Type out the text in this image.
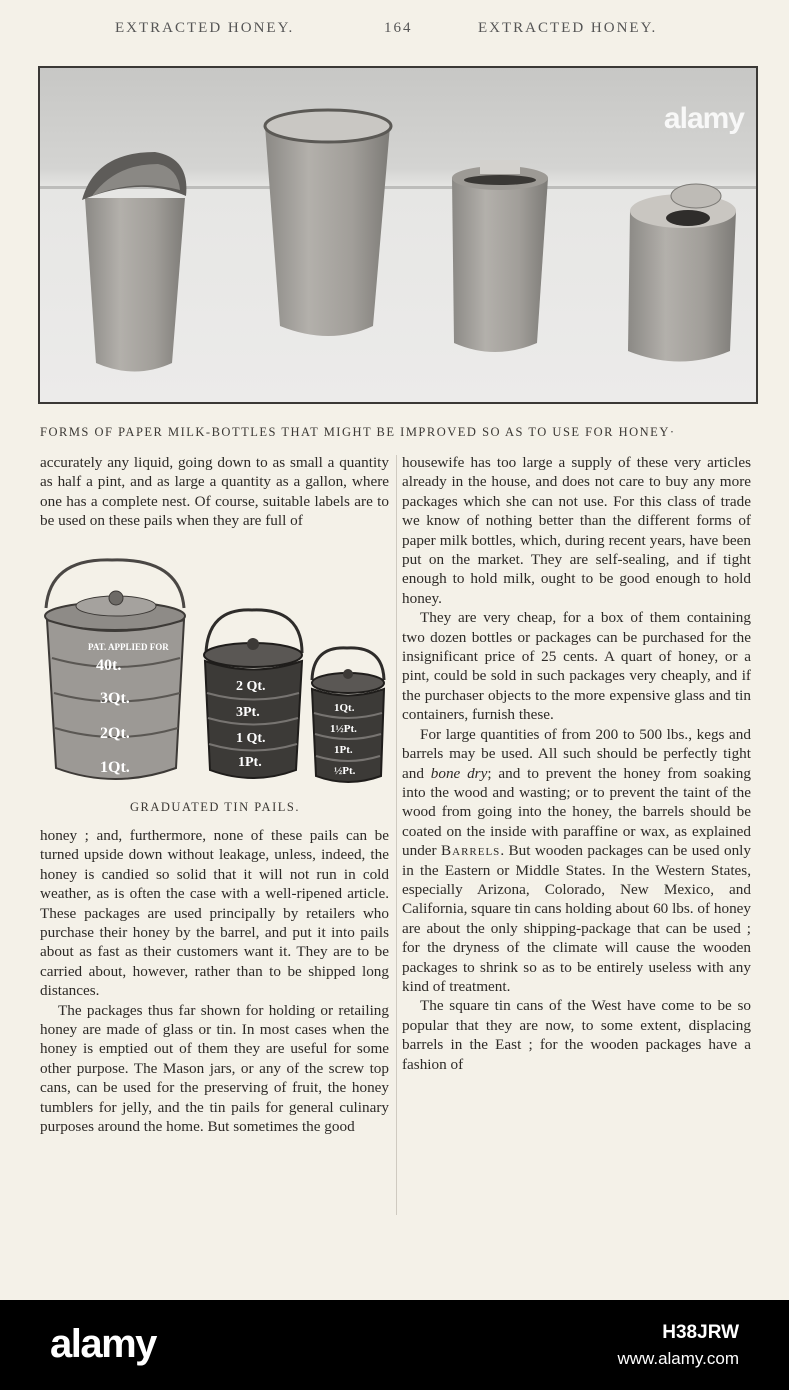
EXTRACTED HONEY.	164	EXTRACTED HONEY.
alamy
FORMS OF PAPER MILK-BOTTLES THAT MIGHT BE IMPROVED SO AS TO USE FOR HONEY·

accurately any liquid, going down to as small a quantity as half a pint, and as large a quantity as a gallon, where one has a complete nest. Of course, suitable labels are to be used on these pails when they are full of

PAT. APPLIED FOR
40t.
3Qt.
2Qt.
1Qt.
2 Qt.
3Pt.
1 Qt.
1Pt.
1Qt.
1½Pt.
1Pt.
½Pt.
GRADUATED TIN PAILS.

honey ; and, furthermore, none of these pails can be turned upside down without leakage, unless, indeed, the honey is candied so solid that it will not run in cold weather, as is often the case with a well-ripened article. These packages are used principally by retailers who purchase their honey by the barrel, and put it into pails about as fast as their customers want it. They are to be carried about, however, rather than to be shipped long distances.

The packages thus far shown for holding or retailing honey are made of glass or tin. In most cases when the honey is emptied out of them they are useful for some other purpose. The Mason jars, or any of the screw top cans, can be used for the preserving of fruit, the honey tumblers for jelly, and the tin pails for general culinary purposes around the home. But sometimes the good

housewife has too large a supply of these very articles already in the house, and does not care to buy any more packages which she can not use. For this class of trade we know of nothing better than the different forms of paper milk bottles, which, during recent years, have been put on the market. They are self-sealing, and if tight enough to hold milk, ought to be good enough to hold honey.

They are very cheap, for a box of them containing two dozen bottles or packages can be purchased for the insignificant price of 25 cents. A quart of honey, or a pint, could be sold in such packages very cheaply, and if the purchaser objects to the more expensive glass and tin containers, furnish these.

For large quantities of from 200 to 500 lbs., kegs and barrels may be used. All such should be perfectly tight and bone dry; and to prevent the honey from soaking into the wood and wasting; or to prevent the taint of the wood from going into the honey, the barrels should be coated on the inside with paraffine or wax, as explained under Barrels. But wooden packages can be used only in the Eastern or Middle States. In the Western States, especially Arizona, Colorado, New Mexico, and California, square tin cans holding about 60 lbs. of honey are about the only shipping-package that can be used ; for the dryness of the climate will cause the wooden packages to shrink so as to be entirely useless with any kind of treatment.

The square tin cans of the West have come to be so popular that they are now, to some extent, displacing barrels in the East ; for the wooden packages have a fashion of

alamy	H38JRW
www.alamy.com
